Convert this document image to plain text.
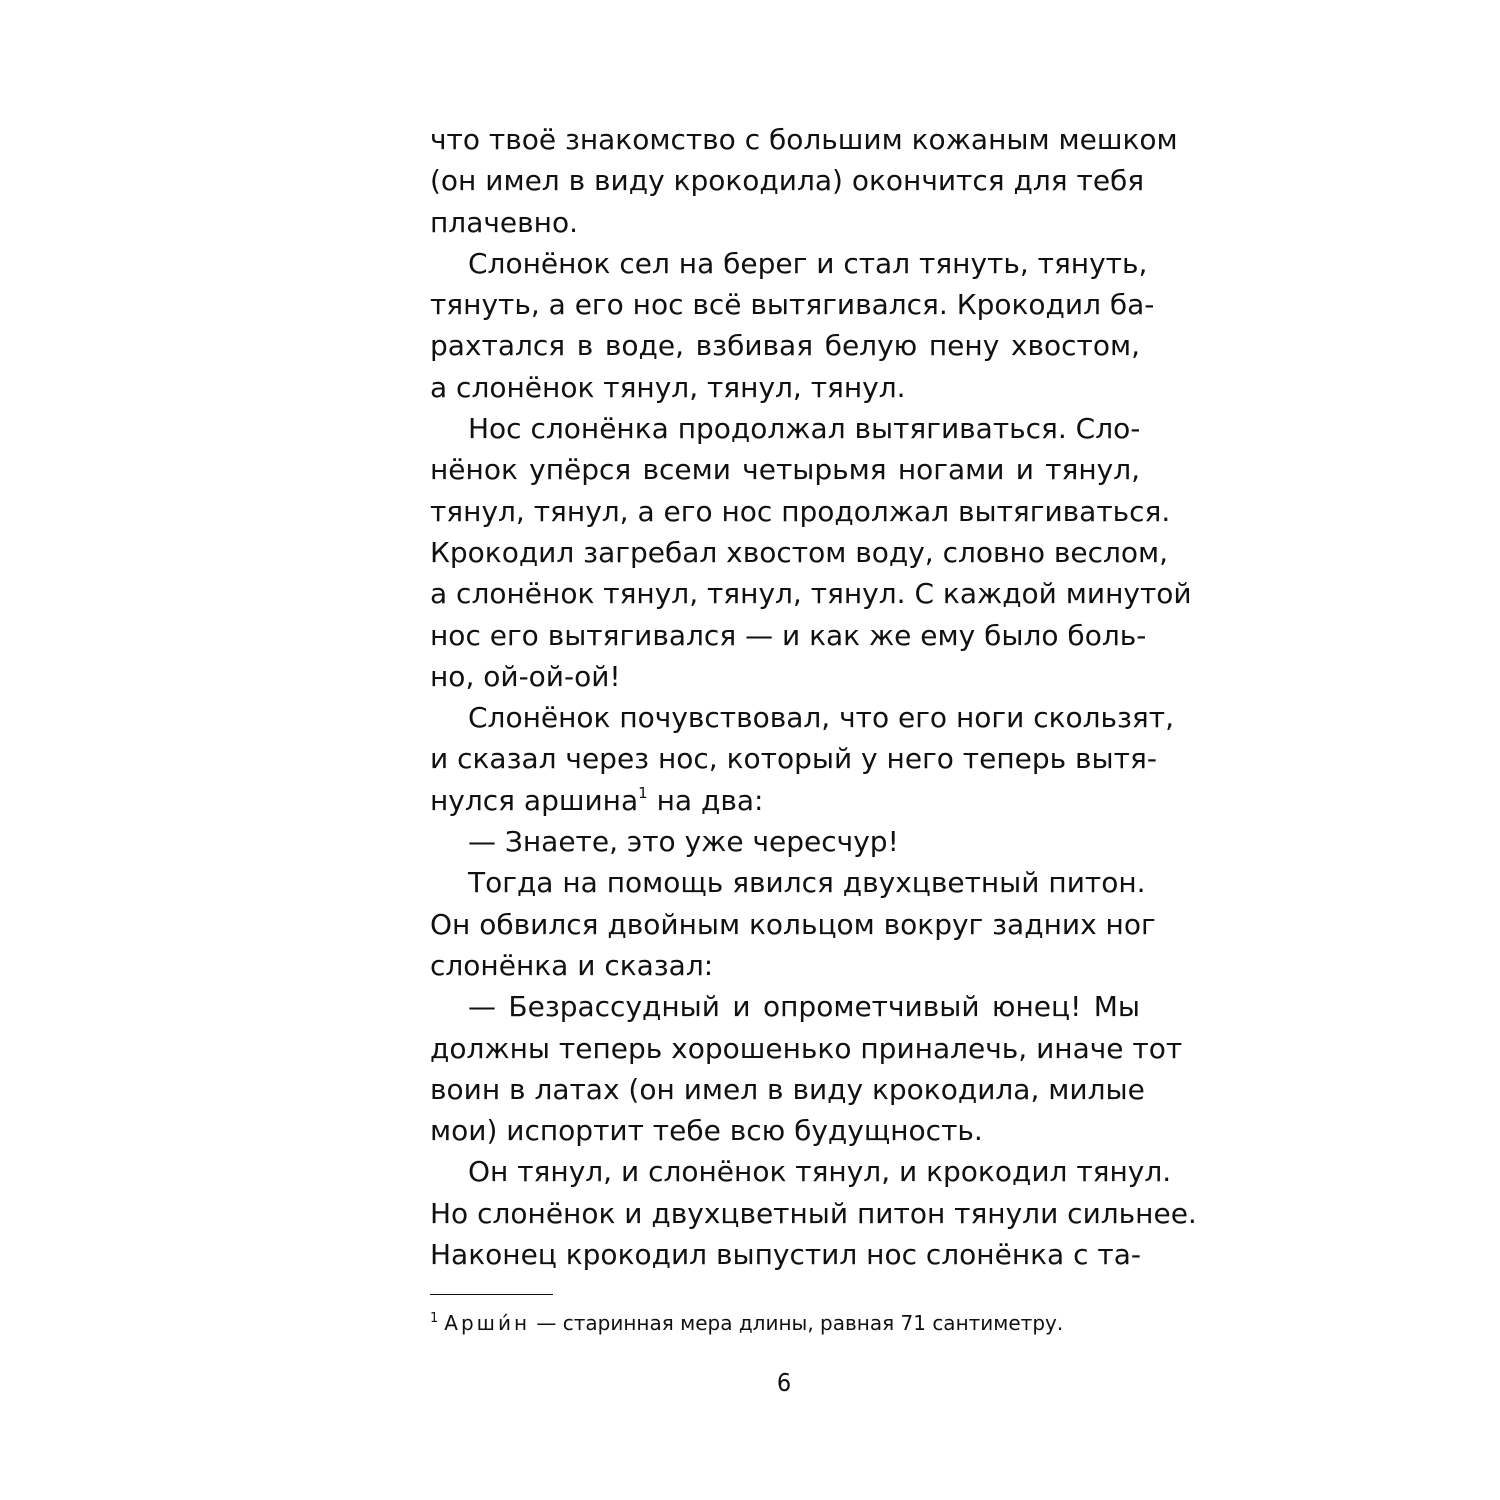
что твоё знакомство с большим кожаным мешком
(он имел в виду крокодила) окончится для тебя
плачевно.
Слонёнок сел на берег и стал тянуть, тянуть,
тянуть, а его нос всё вытягивался. Крокодил ба-
рахтался в воде, взбивая белую пену хвостом,
а слонёнок тянул, тянул, тянул.
Нос слонёнка продолжал вытягиваться. Сло-
нёнок упёрся всеми четырьмя ногами и тянул,
тянул, тянул, а его нос продолжал вытягиваться.
Крокодил загребал хвостом воду, словно веслом,
а слонёнок тянул, тянул, тянул. С каждой минутой
нос его вытягивался — и как же ему было боль-
но, ой-ой-ой!
Слонёнок почувствовал, что его ноги скользят,
и сказал через нос, который у него теперь вытя-
нулся аршина$^1$ на два:
— Знаете, это уже чересчур!
Тогда на помощь явился двухцветный питон.
Он обвился двойным кольцом вокруг задних ног
слонёнка и сказал:
— Безрассудный и опрометчивый юнец! Мы
должны теперь хорошенько приналечь, иначе тот
воин в латах (он имел в виду крокодила, милые
мои) испортит тебе всю будущность.
Он тянул, и слонёнок тянул, и крокодил тянул.
Но слонёнок и двухцветный питон тянули сильнее.
Наконец крокодил выпустил нос слонёнка с та-
$^1$ Арши́н — старинная мера длины, равная 71 сантиметру.
6
